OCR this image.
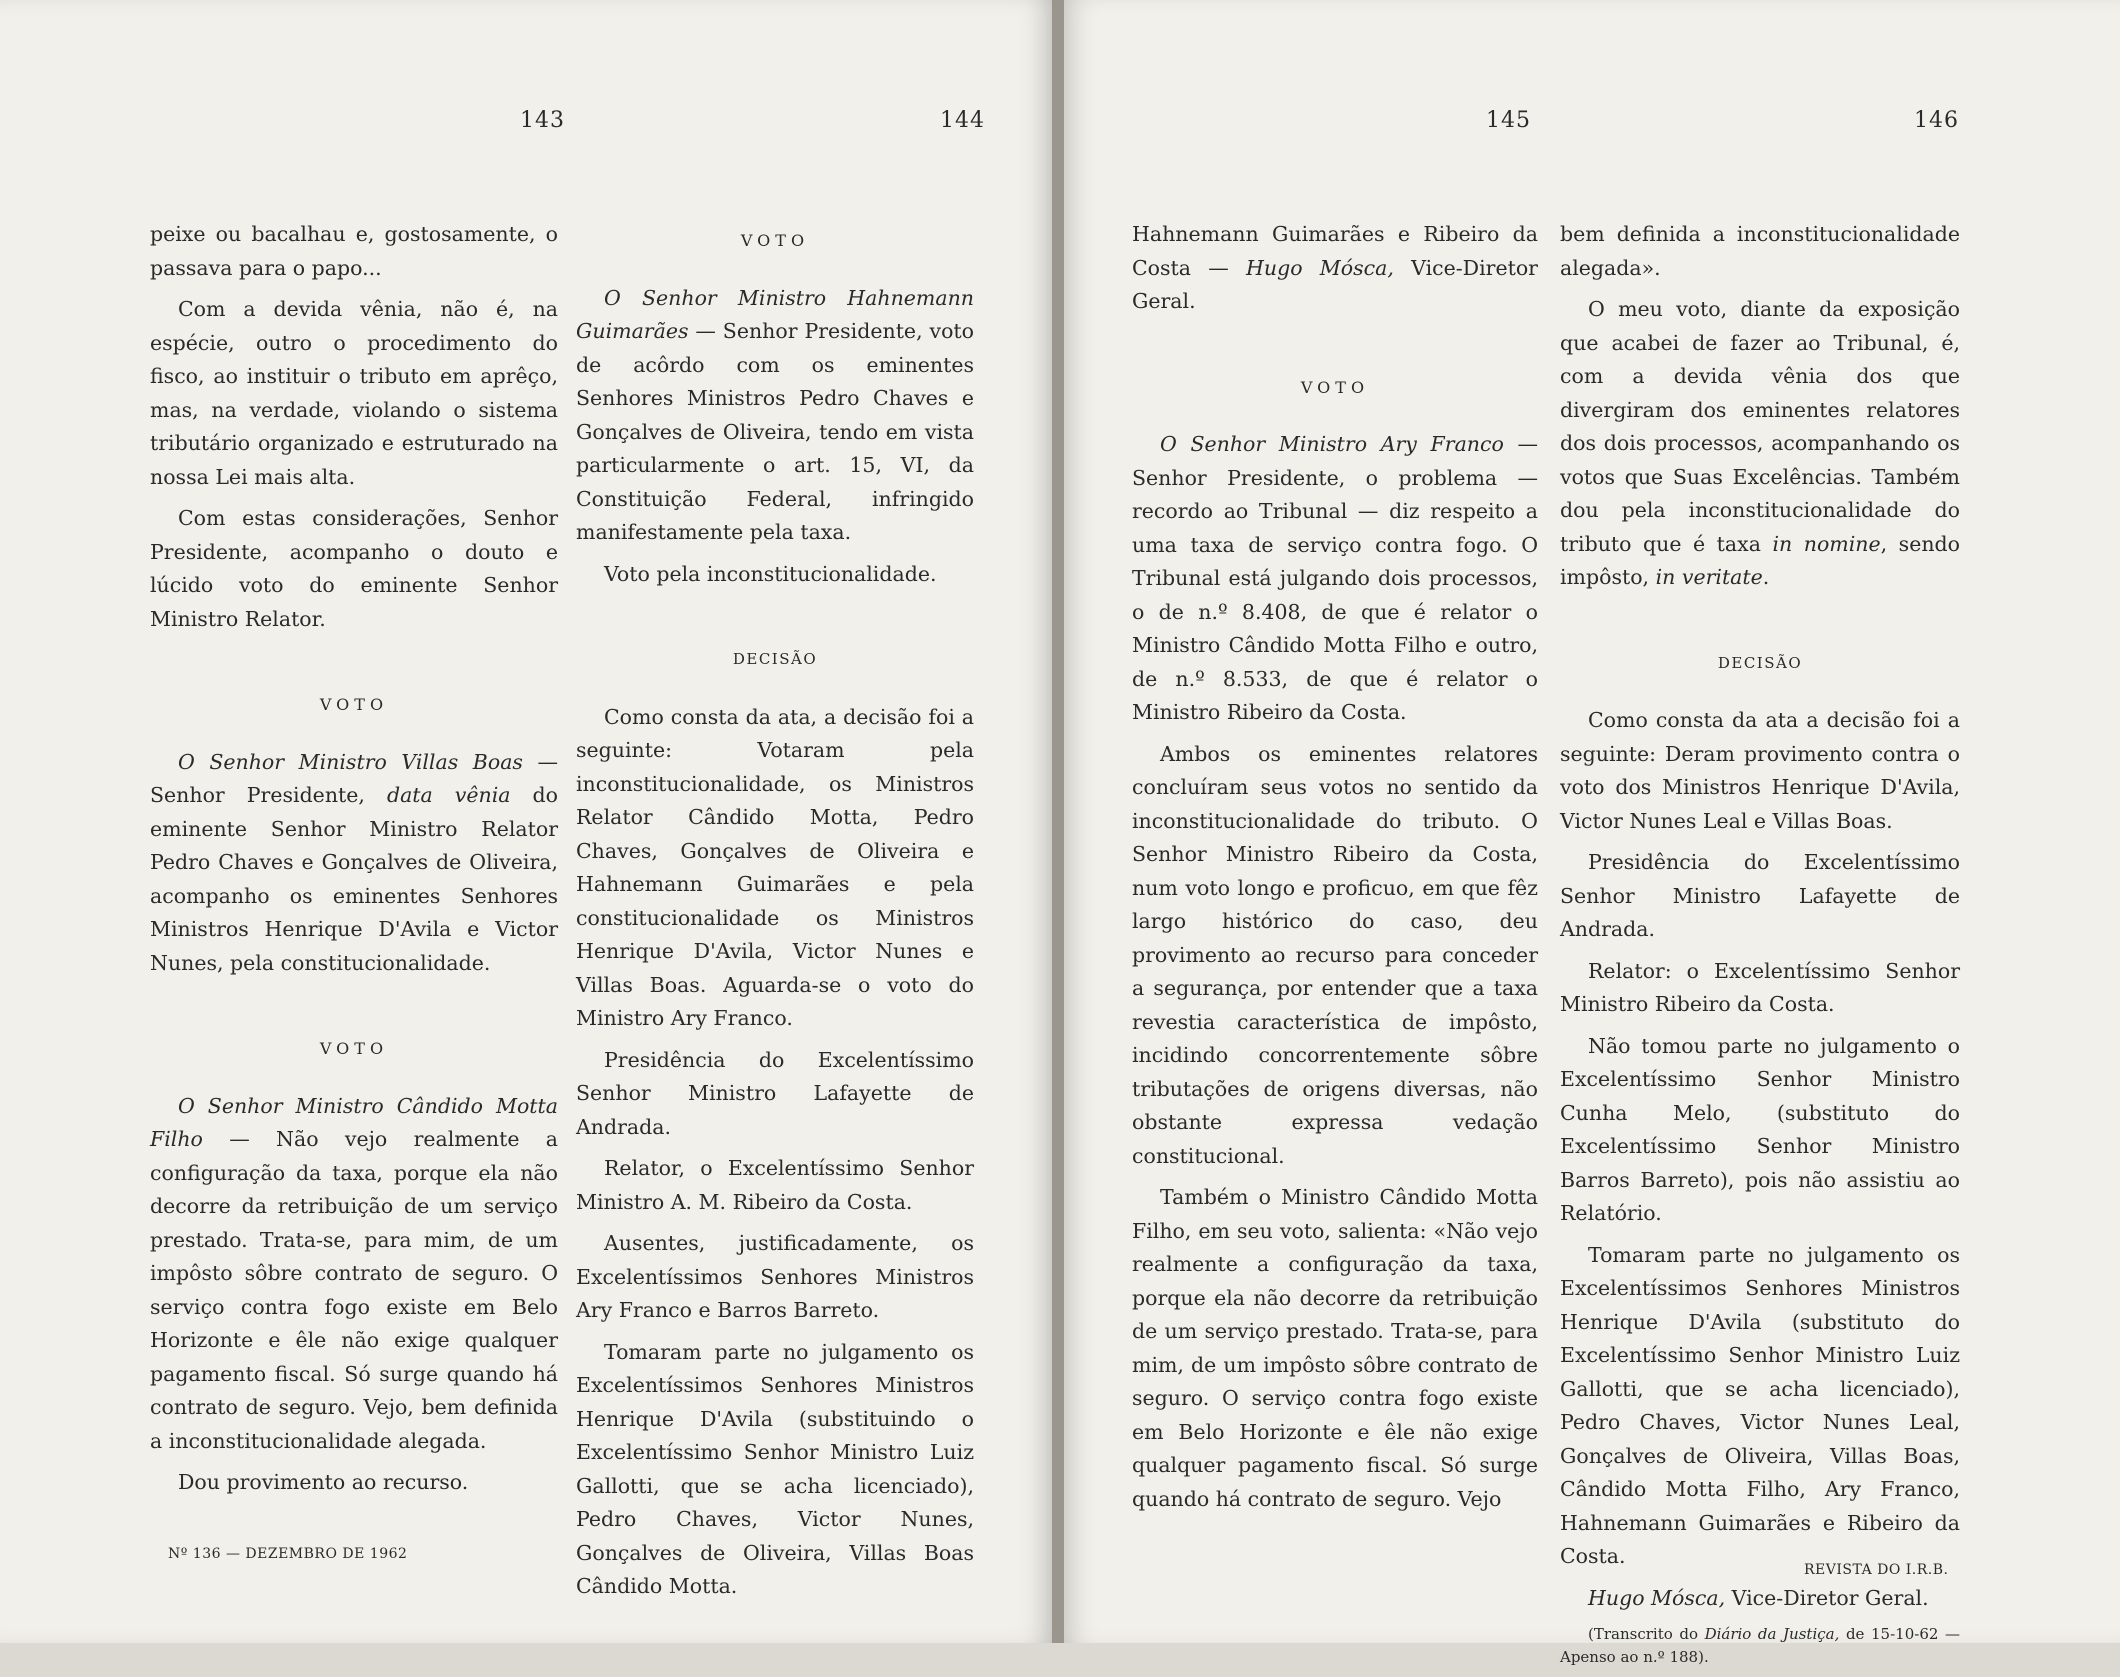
143	144

peixe ou bacalhau e, gostosamente, o passava para o papo...

Com a devida vênia, não é, na espécie, outro o procedimento do fisco, ao instituir o tributo em aprêço, mas, na verdade, violando o sistema tributário organizado e estruturado na nossa Lei mais alta.

Com estas considerações, Senhor Presidente, acompanho o douto e lúcido voto do eminente Senhor Ministro Relator.

VOTO

O Senhor Ministro Villas Boas — Senhor Presidente, data vênia do eminente Senhor Ministro Relator Pedro Chaves e Gonçalves de Oliveira, acompanho os eminentes Senhores Ministros Henrique D'Avila e Victor Nunes, pela constitucionalidade.

VOTO

O Senhor Ministro Cândido Motta Filho — Não vejo realmente a configuração da taxa, porque ela não decorre da retribuição de um serviço prestado. Trata-se, para mim, de um impôsto sôbre contrato de seguro. O serviço contra fogo existe em Belo Horizonte e êle não exige qualquer pagamento fiscal. Só surge quando há contrato de seguro. Vejo, bem definida a inconstitucionalidade alegada.

Dou provimento ao recurso.

VOTO

O Senhor Ministro Hahnemann Guimarães — Senhor Presidente, voto de acôrdo com os eminentes Senhores Ministros Pedro Chaves e Gonçalves de Oliveira, tendo em vista particularmente o art. 15, VI, da Constituição Federal, infringido manifestamente pela taxa.

Voto pela inconstitucionalidade.

DECISÃO

Como consta da ata, a decisão foi a seguinte: Votaram pela inconstitucionalidade, os Ministros Relator Cândido Motta, Pedro Chaves, Gonçalves de Oliveira e Hahnemann Guimarães e pela constitucionalidade os Ministros Henrique D'Avila, Victor Nunes e Villas Boas. Aguarda-se o voto do Ministro Ary Franco.

Presidência do Excelentíssimo Senhor Ministro Lafayette de Andrada.

Relator, o Excelentíssimo Senhor Ministro A. M. Ribeiro da Costa.

Ausentes, justificadamente, os Excelentíssimos Senhores Ministros Ary Franco e Barros Barreto.

Tomaram parte no julgamento os Excelentíssimos Senhores Ministros Henrique D'Avila (substituindo o Excelentíssimo Senhor Ministro Luiz Gallotti, que se acha licenciado), Pedro Chaves, Victor Nunes, Gonçalves de Oliveira, Villas Boas Cândido Motta.

Nº 136 — DEZEMBRO DE 1962
145	146

Hahnemann Guimarães e Ribeiro da Costa — Hugo Mósca, Vice-Diretor Geral.

VOTO

O Senhor Ministro Ary Franco — Senhor Presidente, o problema — recordo ao Tribunal — diz respeito a uma taxa de serviço contra fogo. O Tribunal está julgando dois processos, o de n.º 8.408, de que é relator o Ministro Cândido Motta Filho e outro, de n.º 8.533, de que é relator o Ministro Ribeiro da Costa.

Ambos os eminentes relatores concluíram seus votos no sentido da inconstitucionalidade do tributo. O Senhor Ministro Ribeiro da Costa, num voto longo e proficuo, em que fêz largo histórico do caso, deu provimento ao recurso para conceder a segurança, por entender que a taxa revestia característica de impôsto, incidindo concorrentemente sôbre tributações de origens diversas, não obstante expressa vedação constitucional.

Também o Ministro Cândido Motta Filho, em seu voto, salienta: «Não vejo realmente a configuração da taxa, porque ela não decorre da retribuição de um serviço prestado. Trata-se, para mim, de um impôsto sôbre contrato de seguro. O serviço contra fogo existe em Belo Horizonte e êle não exige qualquer pagamento fiscal. Só surge quando há contrato de seguro. Vejo

bem definida a inconstitucionalidade alegada».

O meu voto, diante da exposição que acabei de fazer ao Tribunal, é, com a devida vênia dos que divergiram dos eminentes relatores dos dois processos, acompanhando os votos que Suas Excelências. Também dou pela inconstitucionalidade do tributo que é taxa in nomine, sendo impôsto, in veritate.

DECISÃO

Como consta da ata a decisão foi a seguinte: Deram provimento contra o voto dos Ministros Henrique D'Avila, Victor Nunes Leal e Villas Boas.

Presidência do Excelentíssimo Senhor Ministro Lafayette de Andrada.

Relator: o Excelentíssimo Senhor Ministro Ribeiro da Costa.

Não tomou parte no julgamento o Excelentíssimo Senhor Ministro Cunha Melo, (substituto do Excelentíssimo Senhor Ministro Barros Barreto), pois não assistiu ao Relatório.

Tomaram parte no julgamento os Excelentíssimos Senhores Ministros Henrique D'Avila (substituto do Excelentíssimo Senhor Ministro Luiz Gallotti, que se acha licenciado), Pedro Chaves, Victor Nunes Leal, Gonçalves de Oliveira, Villas Boas, Cândido Motta Filho, Ary Franco, Hahnemann Guimarães e Ribeiro da Costa.

Hugo Mósca, Vice-Diretor Geral.

(Transcrito do Diário da Justiça, de 15-10-62 — Apenso ao n.º 188).

REVISTA DO I.R.B.
